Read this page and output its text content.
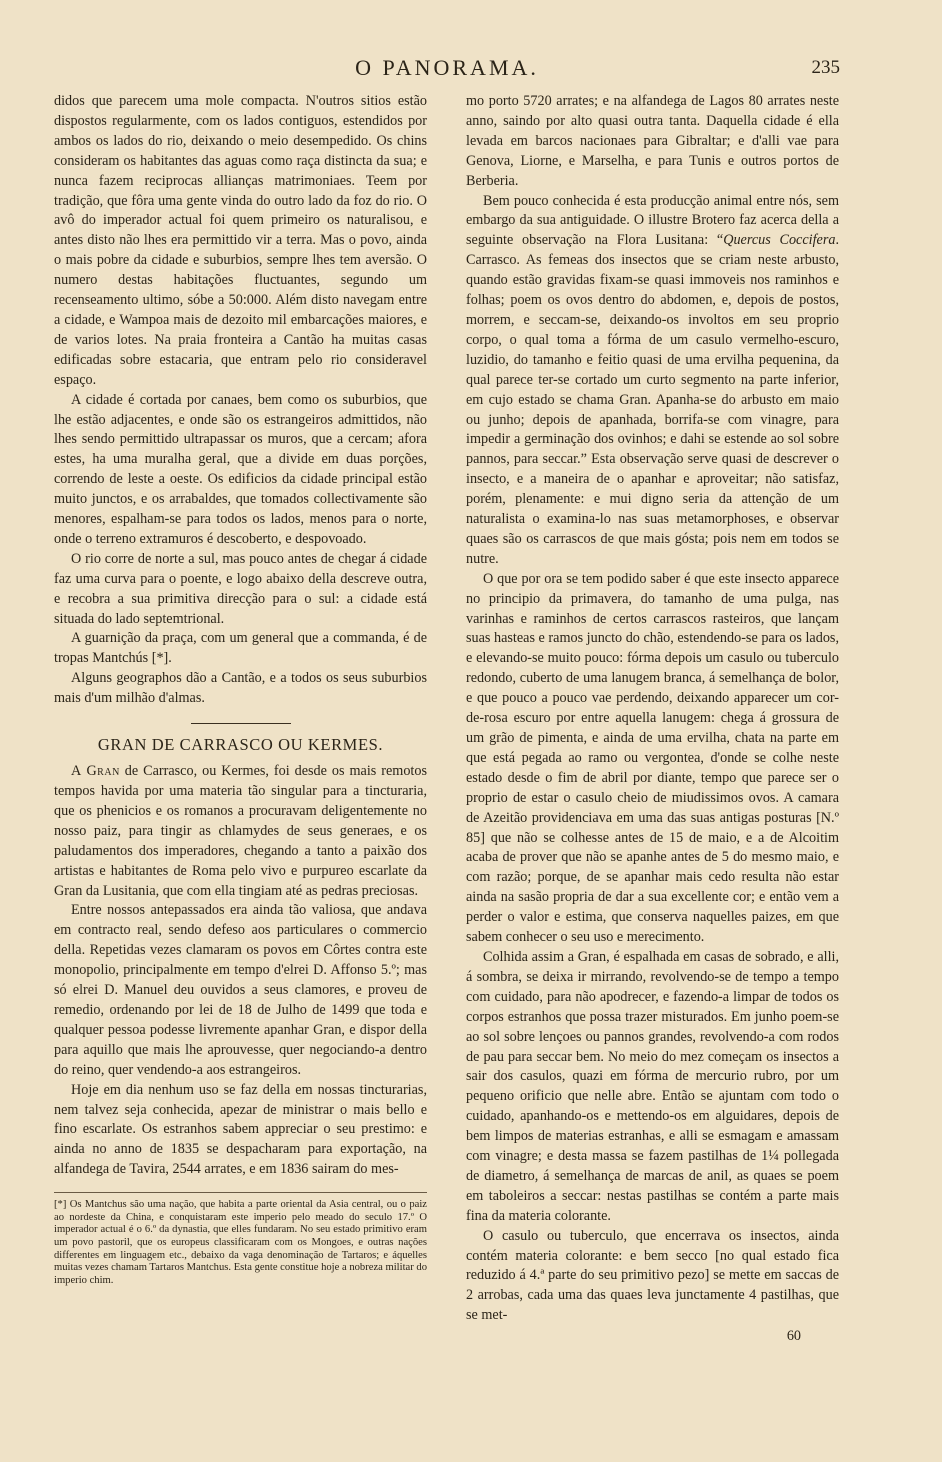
O PANORAMA.	235

didos que parecem uma mole compacta. N'outros sitios estão dispostos regularmente, com os lados contiguos, estendidos por ambos os lados do rio, deixando o meio desempedido. Os chins consideram os habitantes das aguas como raça distincta da sua; e nunca fazem reciprocas allianças matrimoniaes. Teem por tradição, que fôra uma gente vinda do outro lado da foz do rio. O avô do imperador actual foi quem primeiro os naturalisou, e antes disto não lhes era permittido vir a terra. Mas o povo, ainda o mais pobre da cidade e suburbios, sempre lhes tem aversão. O numero destas habitações fluctuantes, segundo um recenseamento ultimo, sóbe a 50:000. Além disto navegam entre a cidade, e Wampoa mais de dezoito mil embarcações maiores, e de varios lotes. Na praia fronteira a Cantão ha muitas casas edificadas sobre estacaria, que entram pelo rio consideravel espaço.

A cidade é cortada por canaes, bem como os suburbios, que lhe estão adjacentes, e onde são os estrangeiros admittidos, não lhes sendo permittido ultrapassar os muros, que a cercam; afora estes, ha uma muralha geral, que a divide em duas porções, correndo de leste a oeste. Os edificios da cidade principal estão muito junctos, e os arrabaldes, que tomados collectivamente são menores, espalham-se para todos os lados, menos para o norte, onde o terreno extramuros é descoberto, e despovoado.

O rio corre de norte a sul, mas pouco antes de chegar á cidade faz uma curva para o poente, e logo abaixo della descreve outra, e recobra a sua primitiva direcção para o sul: a cidade está situada do lado septemtrional.

A guarnição da praça, com um general que a commanda, é de tropas Mantchús [*].

Alguns geographos dão a Cantão, e a todos os seus suburbios mais d'um milhão d'almas.

GRAN DE CARRASCO OU KERMES.

A Gran de Carrasco, ou Kermes, foi desde os mais remotos tempos havida por uma materia tão singular para a tincturaria, que os phenicios e os romanos a procuravam deligentemente no nosso paiz, para tingir as chlamydes de seus generaes, e os paludamentos dos imperadores, chegando a tanto a paixão dos artistas e habitantes de Roma pelo vivo e purpureo escarlate da Gran da Lusitania, que com ella tingiam até as pedras preciosas.

Entre nossos antepassados era ainda tão valiosa, que andava em contracto real, sendo defeso aos particulares o commercio della. Repetidas vezes clamaram os povos em Côrtes contra este monopolio, principalmente em tempo d'elrei D. Affonso 5.º; mas só elrei D. Manuel deu ouvidos a seus clamores, e proveu de remedio, ordenando por lei de 18 de Julho de 1499 que toda e qualquer pessoa podesse livremente apanhar Gran, e dispor della para aquillo que mais lhe aprouvesse, quer negociando-a dentro do reino, quer vendendo-a aos estrangeiros.

Hoje em dia nenhum uso se faz della em nossas tincturarias, nem talvez seja conhecida, apezar de ministrar o mais bello e fino escarlate. Os estranhos sabem appreciar o seu prestimo: e ainda no anno de 1835 se despacharam para exportação, na alfandega de Tavira, 2544 arrates, e em 1836 sairam do mes-

[*] Os Mantchus são uma nação, que habita a parte oriental da Asia central, ou o paiz ao nordeste da China, e conquistaram este imperio pelo meado do seculo 17.º O imperador actual é o 6.º da dynastia, que elles fundaram. No seu estado primitivo eram um povo pastoril, que os europeus classificaram com os Mongoes, e outras nações differentes em linguagem etc., debaixo da vaga denominação de Tartaros; e áquelles muitas vezes chamam Tartaros Mantchus. Esta gente constitue hoje a nobreza militar do imperio chim.

mo porto 5720 arrates; e na alfandega de Lagos 80 arrates neste anno, saindo por alto quasi outra tanta. Daquella cidade é ella levada em barcos nacionaes para Gibraltar; e d'alli vae para Genova, Liorne, e Marselha, e para Tunis e outros portos de Berberia.

Bem pouco conhecida é esta producção animal entre nós, sem embargo da sua antiguidade. O illustre Brotero faz acerca della a seguinte observação na Flora Lusitana: “Quercus Coccifera. Carrasco. As femeas dos insectos que se criam neste arbusto, quando estão gravidas fixam-se quasi immoveis nos raminhos e folhas; poem os ovos dentro do abdomen, e, depois de postos, morrem, e seccam-se, deixando-os involtos em seu proprio corpo, o qual toma a fórma de um casulo vermelho-escuro, luzidio, do tamanho e feitio quasi de uma ervilha pequenina, da qual parece ter-se cortado um curto segmento na parte inferior, em cujo estado se chama Gran. Apanha-se do arbusto em maio ou junho; depois de apanhada, borrifa-se com vinagre, para impedir a germinação dos ovinhos; e dahi se estende ao sol sobre pannos, para seccar.” Esta observação serve quasi de descrever o insecto, e a maneira de o apanhar e aproveitar; não satisfaz, porém, plenamente: e mui digno seria da attenção de um naturalista o examina-lo nas suas metamorphoses, e observar quaes são os carrascos de que mais gósta; pois nem em todos se nutre.

O que por ora se tem podido saber é que este insecto apparece no principio da primavera, do tamanho de uma pulga, nas varinhas e raminhos de certos carrascos rasteiros, que lançam suas hasteas e ramos juncto do chão, estendendo-se para os lados, e elevando-se muito pouco: fórma depois um casulo ou tuberculo redondo, cuberto de uma lanugem branca, á semelhança de bolor, e que pouco a pouco vae perdendo, deixando apparecer um cor-de-rosa escuro por entre aquella lanugem: chega á grossura de um grão de pimenta, e ainda de uma ervilha, chata na parte em que está pegada ao ramo ou vergontea, d'onde se colhe neste estado desde o fim de abril por diante, tempo que parece ser o proprio de estar o casulo cheio de miudissimos ovos. A camara de Azeitão providenciava em uma das suas antigas posturas [N.º 85] que não se colhesse antes de 15 de maio, e a de Alcoitim acaba de prover que não se apanhe antes de 5 do mesmo maio, e com razão; porque, de se apanhar mais cedo resulta não estar ainda na sasão propria de dar a sua excellente cor; e então vem a perder o valor e estima, que conserva naquelles paizes, em que sabem conhecer o seu uso e merecimento.

Colhida assim a Gran, é espalhada em casas de sobrado, e alli, á sombra, se deixa ir mirrando, revolvendo-se de tempo a tempo com cuidado, para não apodrecer, e fazendo-a limpar de todos os corpos estranhos que possa trazer misturados. Em junho poem-se ao sol sobre lençoes ou pannos grandes, revolvendo-a com rodos de pau para seccar bem. No meio do mez começam os insectos a sair dos casulos, quazi em fórma de mercurio rubro, por um pequeno orificio que nelle abre. Então se ajuntam com todo o cuidado, apanhando-os e mettendo-os em alguidares, depois de bem limpos de materias estranhas, e alli se esmagam e amassam com vinagre; e desta massa se fazem pastilhas de 1¼ pollegada de diametro, á semelhança de marcas de anil, as quaes se poem em taboleiros a seccar: nestas pastilhas se contém a parte mais fina da materia colorante.

O casulo ou tuberculo, que encerrava os insectos, ainda contém materia colorante: e bem secco [no qual estado fica reduzido á 4.ª parte do seu primitivo pezo] se mette em saccas de 2 arrobas, cada uma das quaes leva junctamente 4 pastilhas, que se met-

60
